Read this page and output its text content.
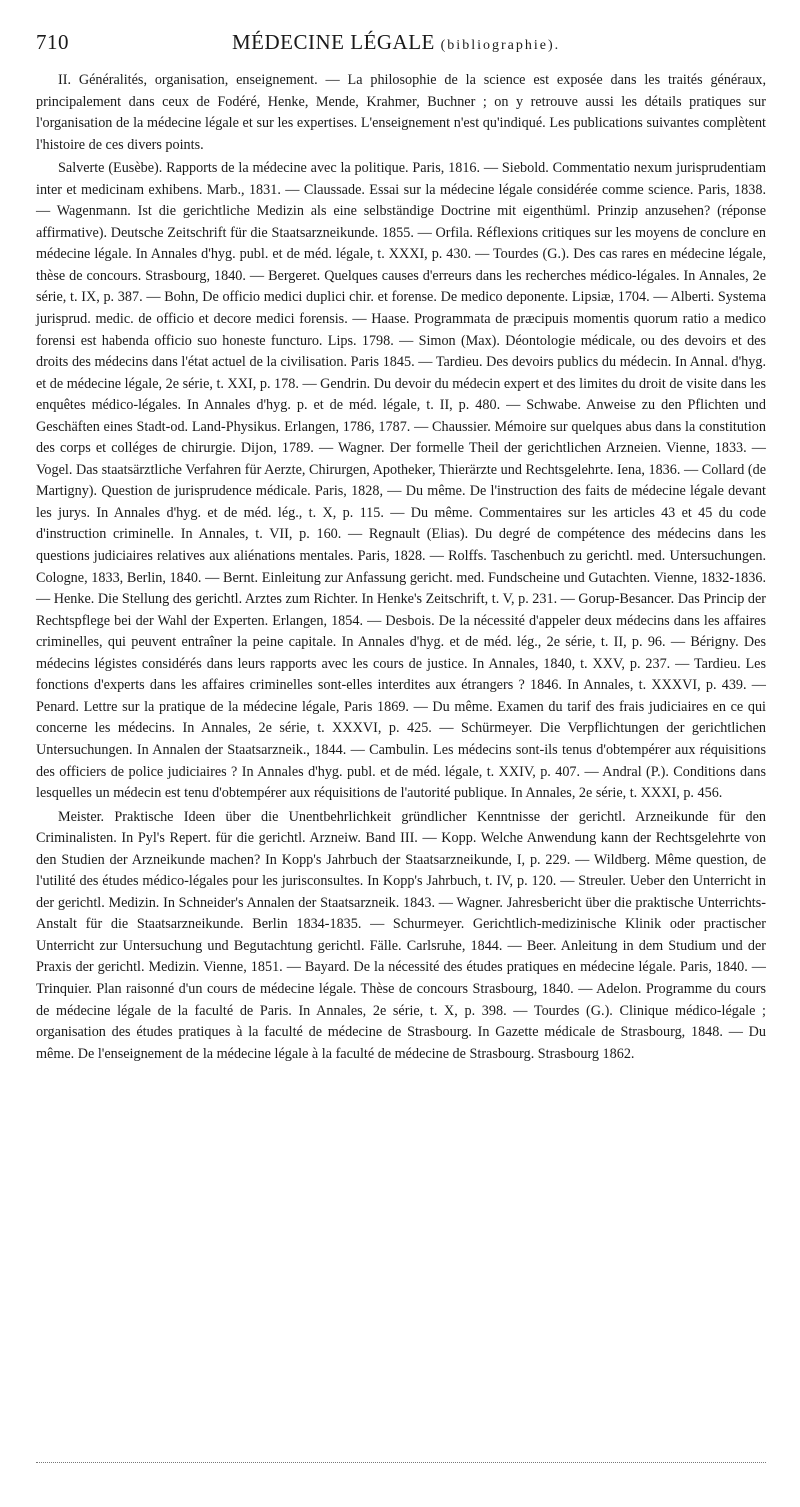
710	MÉDECINE LÉGALE (bibliographie).

II. Généralités, organisation, enseignement. — La philosophie de la science est exposée dans les traités généraux, principalement dans ceux de Fodéré, Henke, Mende, Krahmer, Buchner ; on y retrouve aussi les détails pratiques sur l'organisation de la médecine légale et sur les expertises. L'enseignement n'est qu'indiqué. Les publications suivantes complètent l'histoire de ces divers points.

Salverte (Eusèbe). Rapports de la médecine avec la politique. Paris, 1816. — Siebold. Commentatio nexum jurisprudentiam inter et medicinam exhibens. Marb., 1831. — Claussade. Essai sur la médecine légale considérée comme science. Paris, 1838. — Wagenmann. Ist die gerichtliche Medizin als eine selbständige Doctrine mit eigenthüml. Prinzip anzusehen? (réponse affirmative). Deutsche Zeitschrift für die Staatsarzneikunde. 1855. — Orfila. Réflexions critiques sur les moyens de conclure en médecine légale. In Annales d'hyg. publ. et de méd. légale, t. XXXI, p. 430. — Tourdes (G.). Des cas rares en médecine légale, thèse de concours. Strasbourg, 1840. — Bergeret. Quelques causes d'erreurs dans les recherches médico-légales. In Annales, 2e série, t. IX, p. 387. — Bohn, De officio medici duplici chir. et forense. De medico deponente. Lipsiæ, 1704. — Alberti. Systema jurisprud. medic. de officio et decore medici forensis. — Haase. Programmata de præcipuis momentis quorum ratio a medico forensi est habenda officio suo honeste functuro. Lips. 1798. — Simon (Max). Déontologie médicale, ou des devoirs et des droits des médecins dans l'état actuel de la civilisation. Paris 1845. — Tardieu. Des devoirs publics du médecin. In Annal. d'hyg. et de médecine légale, 2e série, t. XXI, p. 178. — Gendrin. Du devoir du médecin expert et des limites du droit de visite dans les enquêtes médico-légales. In Annales d'hyg. p. et de méd. légale, t. II, p. 480. — Schwabe. Anweise zu den Pflichten und Geschäften eines Stadt-od. Land-Physikus. Erlangen, 1786, 1787. — Chaussier. Mémoire sur quelques abus dans la constitution des corps et colléges de chirurgie. Dijon, 1789. — Wagner. Der formelle Theil der gerichtlichen Arzneien. Vienne, 1833. — Vogel. Das staatsärztliche Verfahren für Aerzte, Chirurgen, Apotheker, Thierärzte und Rechtsgelehrte. Iena, 1836. — Collard (de Martigny). Question de jurisprudence médicale. Paris, 1828, — Du même. De l'instruction des faits de médecine légale devant les jurys. In Annales d'hyg. et de méd. lég., t. X, p. 115. — Du même. Commentaires sur les articles 43 et 45 du code d'instruction criminelle. In Annales, t. VII, p. 160. — Regnault (Elias). Du degré de compétence des médecins dans les questions judiciaires relatives aux aliénations mentales. Paris, 1828. — Rolffs. Taschenbuch zu gerichtl. med. Untersuchungen. Cologne, 1833, Berlin, 1840. — Bernt. Einleitung zur Anfassung gericht. med. Fundscheine und Gutachten. Vienne, 1832-1836. — Henke. Die Stellung des gerichtl. Arztes zum Richter. In Henke's Zeitschrift, t. V, p. 231. — Gorup-Besancer. Das Princip der Rechtspflege bei der Wahl der Experten. Erlangen, 1854. — Desbois. De la nécessité d'appeler deux médecins dans les affaires criminelles, qui peuvent entraîner la peine capitale. In Annales d'hyg. et de méd. lég., 2e série, t. II, p. 96. — Bérigny. Des médecins légistes considérés dans leurs rapports avec les cours de justice. In Annales, 1840, t. XXV, p. 237. — Tardieu. Les fonctions d'experts dans les affaires criminelles sont-elles interdites aux étrangers ? 1846. In Annales, t. XXXVI, p. 439. — Penard. Lettre sur la pratique de la médecine légale, Paris 1869. — Du même. Examen du tarif des frais judiciaires en ce qui concerne les médecins. In Annales, 2e série, t. XXXVI, p. 425. — Schürmeyer. Die Verpflichtungen der gerichtlichen Untersuchungen. In Annalen der Staatsarzneik., 1844. — Cambulin. Les médecins sont-ils tenus d'obtempérer aux réquisitions des officiers de police judiciaires ? In Annales d'hyg. publ. et de méd. légale, t. XXIV, p. 407. — Andral (P.). Conditions dans lesquelles un médecin est tenu d'obtempérer aux réquisitions de l'autorité publique. In Annales, 2e série, t. XXXI, p. 456.

Meister. Praktische Ideen über die Unentbehrlichkeit gründlicher Kenntnisse der gerichtl. Arzneikunde für den Criminalisten. In Pyl's Repert. für die gerichtl. Arzneiw. Band III. — Kopp. Welche Anwendung kann der Rechtsgelehrte von den Studien der Arzneikunde machen? In Kopp's Jahrbuch der Staatsarzneikunde, I, p. 229. — Wildberg. Même question, de l'utilité des études médico-légales pour les jurisconsultes. In Kopp's Jahrbuch, t. IV, p. 120. — Streuler. Ueber den Unterricht in der gerichtl. Medizin. In Schneider's Annalen der Staatsarzneik. 1843. — Wagner. Jahresbericht über die praktische Unterrichts-Anstalt für die Staatsarzneikunde. Berlin 1834-1835. — Schurmeyer. Gerichtlich-medizinische Klinik oder practischer Unterricht zur Untersuchung und Begutachtung gerichtl. Fälle. Carlsruhe, 1844. — Beer. Anleitung in dem Studium und der Praxis der gerichtl. Medizin. Vienne, 1851. — Bayard. De la nécessité des études pratiques en médecine légale. Paris, 1840. — Trinquier. Plan raisonné d'un cours de médecine légale. Thèse de concours Strasbourg, 1840. — Adelon. Programme du cours de médecine légale de la faculté de Paris. In Annales, 2e série, t. X, p. 398. — Tourdes (G.). Clinique médico-légale ; organisation des études pratiques à la faculté de médecine de Strasbourg. In Gazette médicale de Strasbourg, 1848. — Du même. De l'enseignement de la médecine légale à la faculté de médecine de Strasbourg. Strasbourg 1862.
